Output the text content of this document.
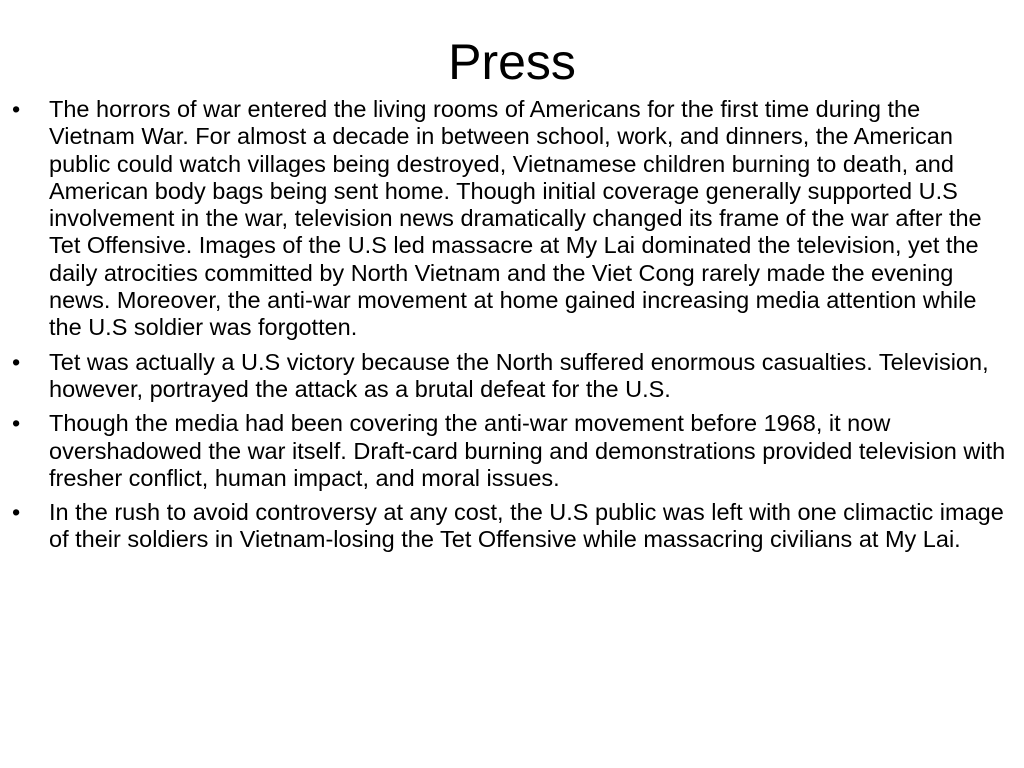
Press
• The horrors of war entered the living rooms of Americans for the first time during the Vietnam War. For almost a decade in between school, work, and dinners, the American public could watch villages being destroyed, Vietnamese children burning to death, and American body bags being sent home. Though initial coverage generally supported U.S involvement in the war, television news dramatically changed its frame of the war after the Tet Offensive. Images of the U.S led massacre at My Lai dominated the television, yet the daily atrocities committed by North Vietnam and the Viet Cong rarely made the evening news. Moreover, the anti-war movement at home gained increasing media attention while the U.S soldier was forgotten.
• Tet was actually a U.S victory because the North suffered enormous casualties. Television, however, portrayed the attack as a brutal defeat for the U.S.
• Though the media had been covering the anti-war movement before 1968, it now overshadowed the war itself. Draft-card burning and demonstrations provided television with fresher conflict, human impact, and moral issues.
• In the rush to avoid controversy at any cost, the U.S public was left with one climactic image of their soldiers in Vietnam-losing the Tet Offensive while massacring civilians at My Lai.
